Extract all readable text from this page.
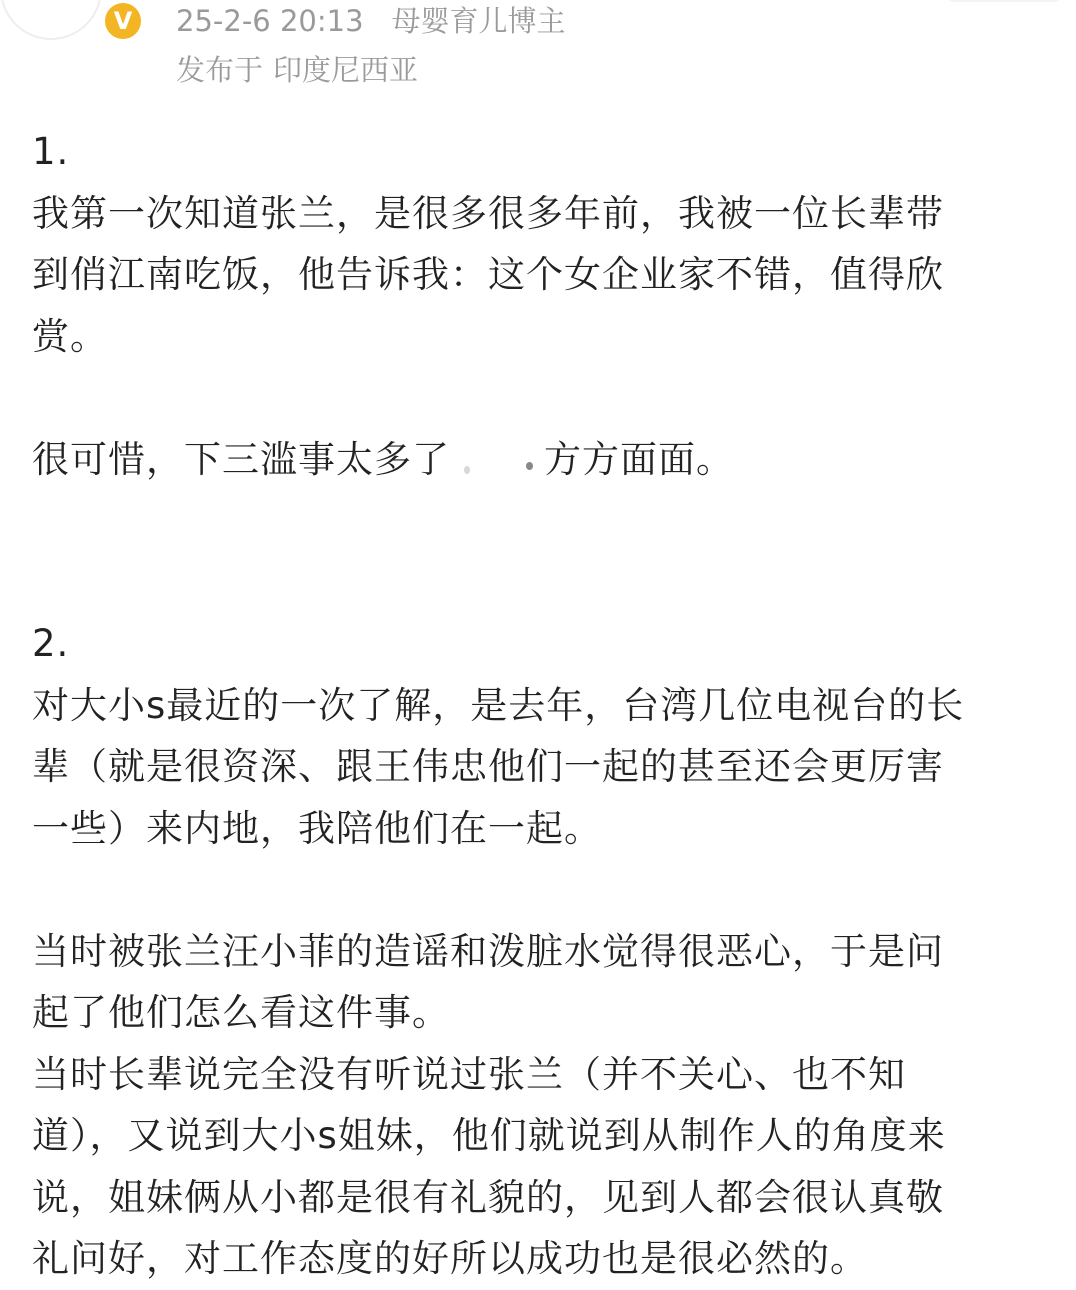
V	25-2-6 20:13 母婴育儿博主
发布于 印度尼西亚

1.

我第一次知道张兰，是很多很多年前，我被一位长辈带

到俏江南吃饭，他告诉我：这个女企业家不错，值得欣

赏。

很可惜，下三滥事太多了	方方面面。

2.

对大小s最近的一次了解，是去年，台湾几位电视台的长

辈（就是很资深、跟王伟忠他们一起的甚至还会更厉害

一些）来内地，我陪他们在一起。

当时被张兰汪小菲的造谣和泼脏水觉得很恶心，于是问

起了他们怎么看这件事。

当时长辈说完全没有听说过张兰（并不关心、也不知

道），又说到大小s姐妹，他们就说到从制作人的角度来

说，姐妹俩从小都是很有礼貌的，见到人都会很认真敬

礼问好，对工作态度的好所以成功也是很必然的。
